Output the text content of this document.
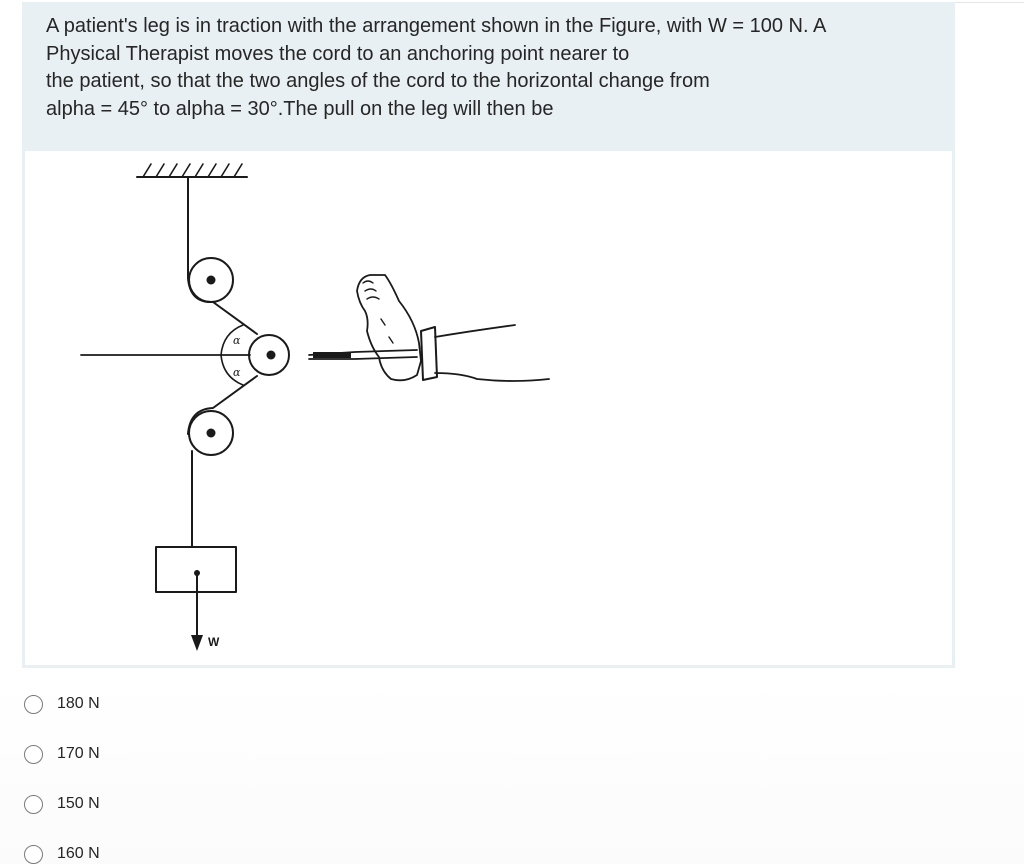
A patient's leg is in traction with the arrangement shown in the Figure, with W = 100 N. A
Physical Therapist moves the cord to an anchoring point nearer to
the patient, so that the two angles of the cord to the horizontal change from
alpha = 45° to alpha = 30°.The pull on the leg will then be

α
α
W
180 N
170 N
150 N
160 N
